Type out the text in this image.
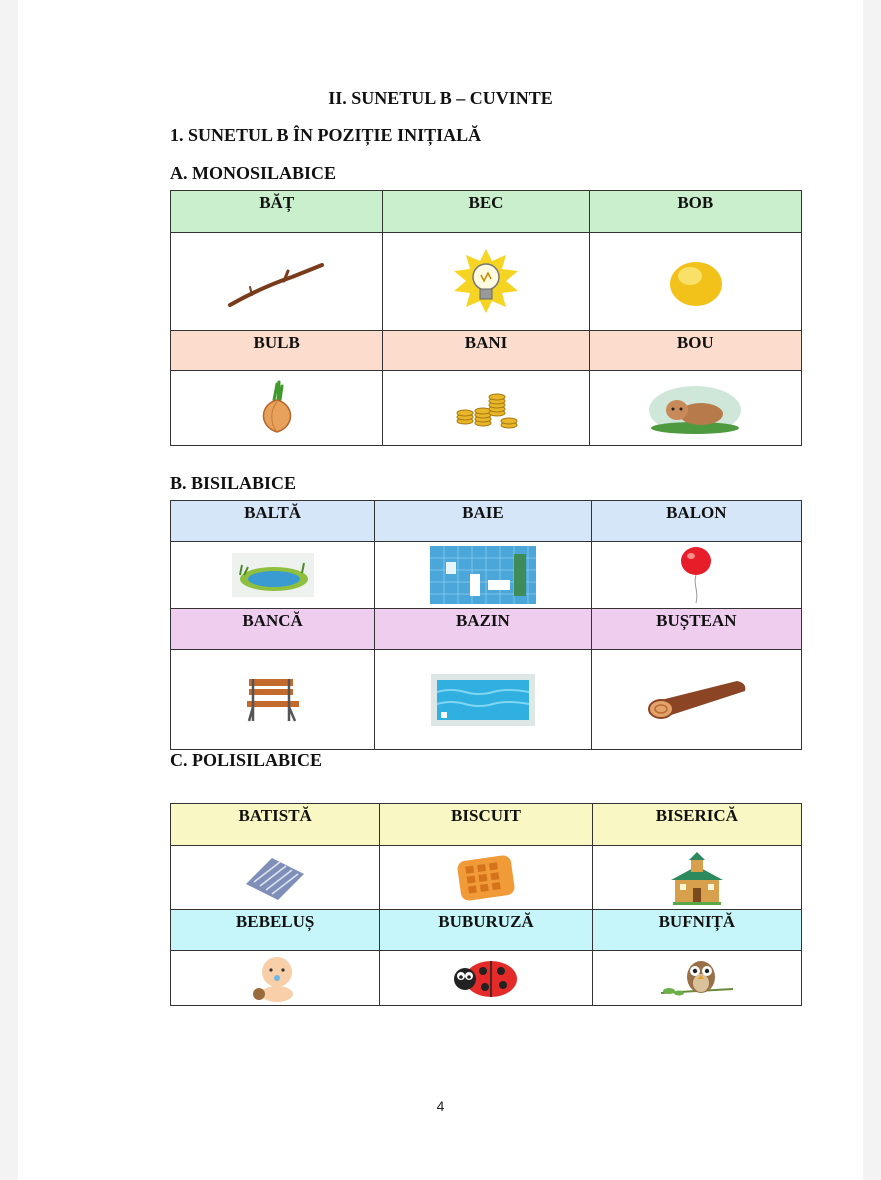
II. SUNETUL B – CUVINTE
1. SUNETUL B ÎN POZIȚIE INIȚIALĂ
A. MONOSILABICE
BĂȚ	BEC	BOB

BULB	BANI	BOU

B. BISILABICE
BALTĂ	BAIE	BALON

BANCĂ	BAZIN	BUȘTEAN

C. POLISILABICE
BATISTĂ	BISCUIT	BISERICĂ

BEBELUȘ	BUBURUZĂ	BUFNIȚĂ

4
